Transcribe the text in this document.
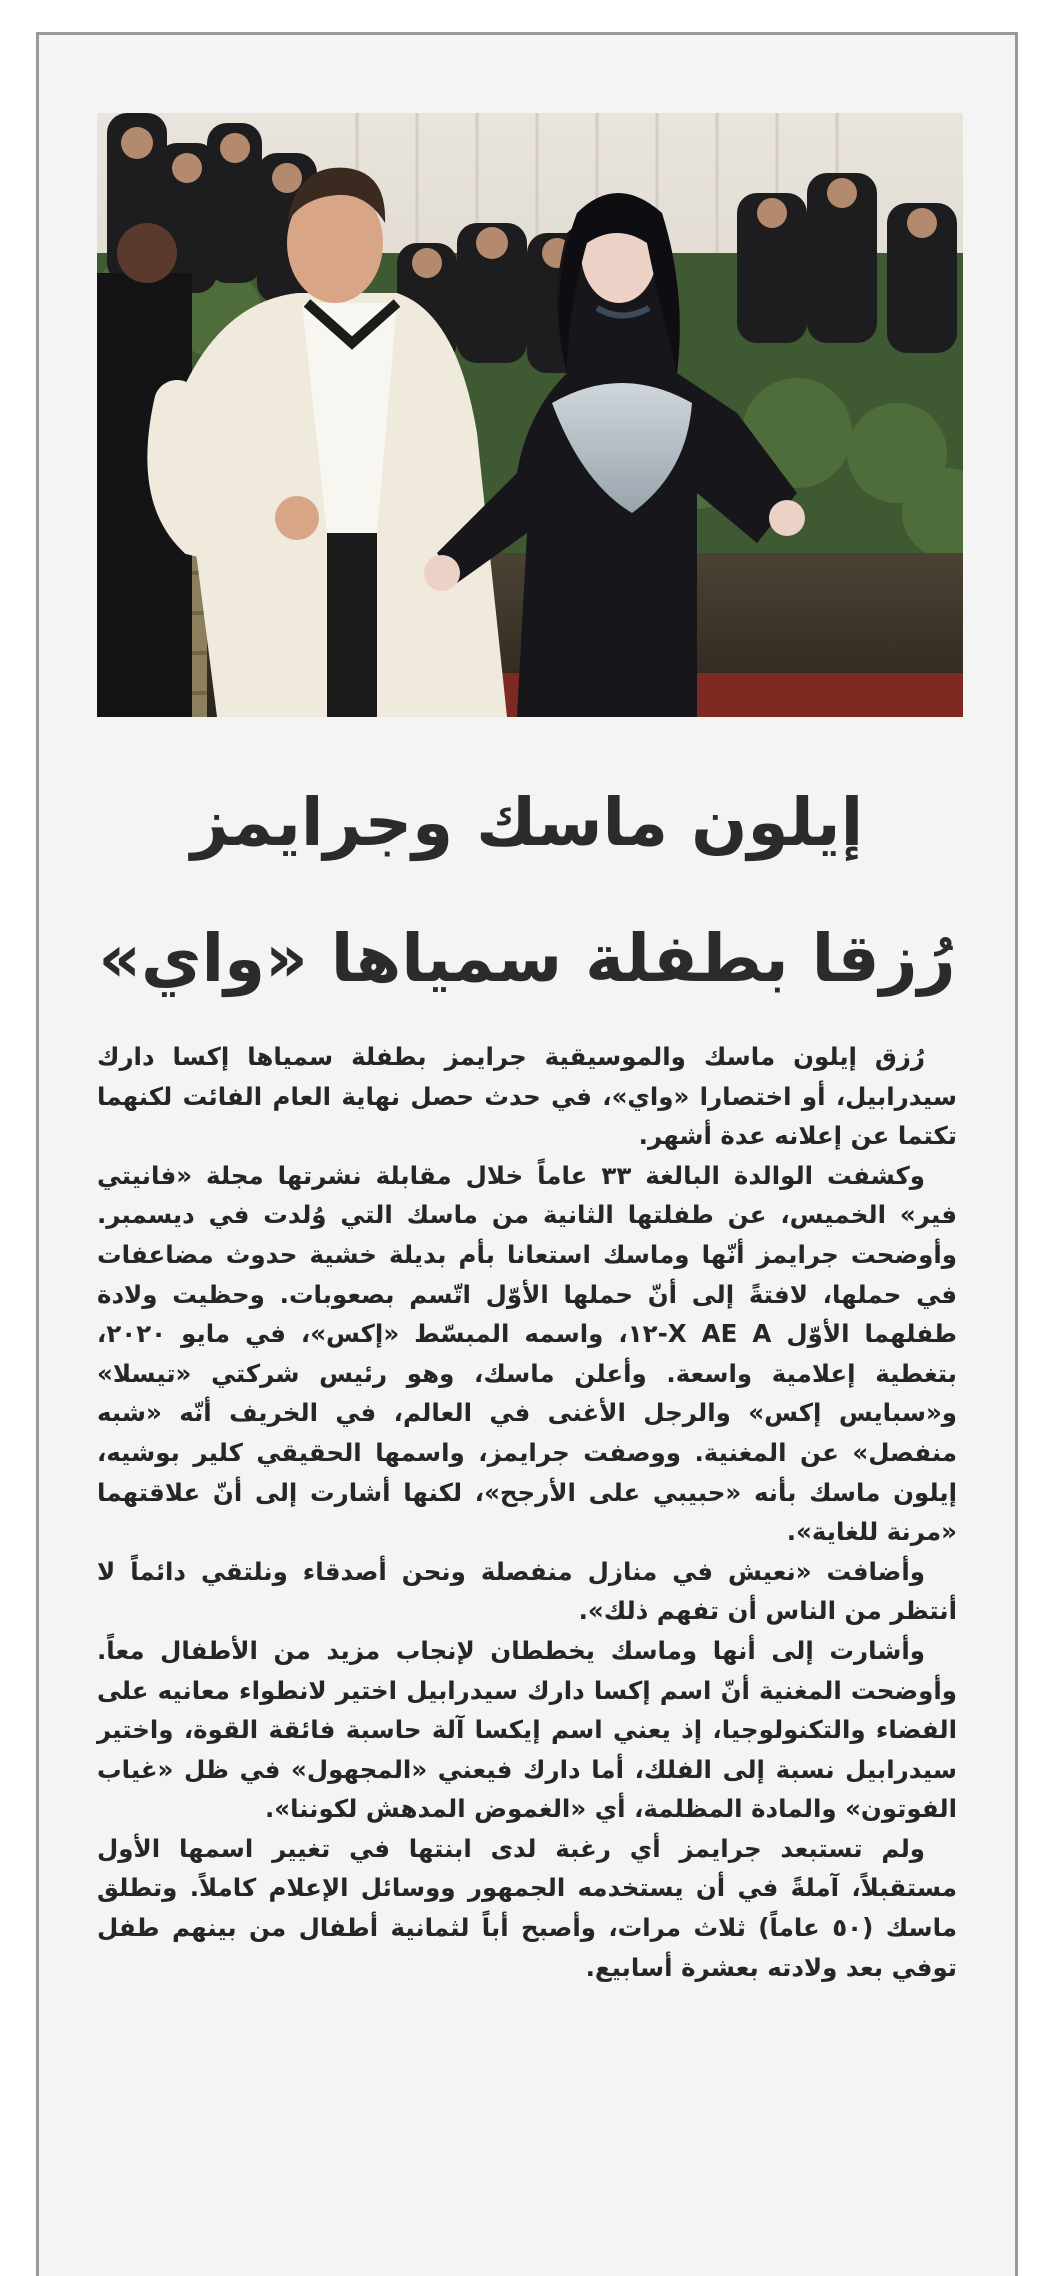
إيلون ماسك وجرايمز
رُزقا بطفلة سمياها «واي»

رُزق إيلون ماسك والموسيقية جرايمز بطفلة سمياها إكسا دارك سيدرابيل، أو اختصارا «واي»، في حدث حصل نهاية العام الفائت لكنهما تكتما عن إعلانه عدة أشهر.

وكشفت الوالدة البالغة ٣٣ عاماً خلال مقابلة نشرتها مجلة «فانيتي فير» الخميس، عن طفلتها الثانية من ماسك التي وُلدت في ديسمبر. وأوضحت جرايمز أنّها وماسك استعانا بأم بديلة خشية حدوث مضاعفات في حملها، لافتةً إلى أنّ حملها الأوّل اتّسم بصعوبات. وحظيت ولادة طفلهما الأوّل X AE A-١٢، واسمه المبسّط «إكس»، في مايو ٢٠٢٠، بتغطية إعلامية واسعة. وأعلن ماسك، وهو رئيس شركتي «تيسلا» و«سبايس إكس» والرجل الأغنى في العالم، في الخريف أنّه «شبه منفصل» عن المغنية. ووصفت جرايمز، واسمها الحقيقي كلير بوشيه، إيلون ماسك بأنه «حبيبي على الأرجح»، لكنها أشارت إلى أنّ علاقتهما «مرنة للغاية».

وأضافت «نعيش في منازل منفصلة ونحن أصدقاء ونلتقي دائماً لا أنتظر من الناس أن تفهم ذلك».

وأشارت إلى أنها وماسك يخططان لإنجاب مزيد من الأطفال معاً. وأوضحت المغنية أنّ اسم إكسا دارك سيدرابيل اختير لانطواء معانيه على الفضاء والتكنولوجيا، إذ يعني اسم إيكسا آلة حاسبة فائقة القوة، واختير سيدرابيل نسبة إلى الفلك، أما دارك فيعني «المجهول» في ظل «غياب الفوتون» والمادة المظلمة، أي «الغموض المدهش لكوننا».

ولم تستبعد جرايمز أي رغبة لدى ابنتها في تغيير اسمها الأول مستقبلاً، آملةً في أن يستخدمه الجمهور ووسائل الإعلام كاملاً. وتطلق ماسك (٥٠ عاماً) ثلاث مرات، وأصبح أباً لثمانية أطفال من بينهم طفل توفي بعد ولادته بعشرة أسابيع.
